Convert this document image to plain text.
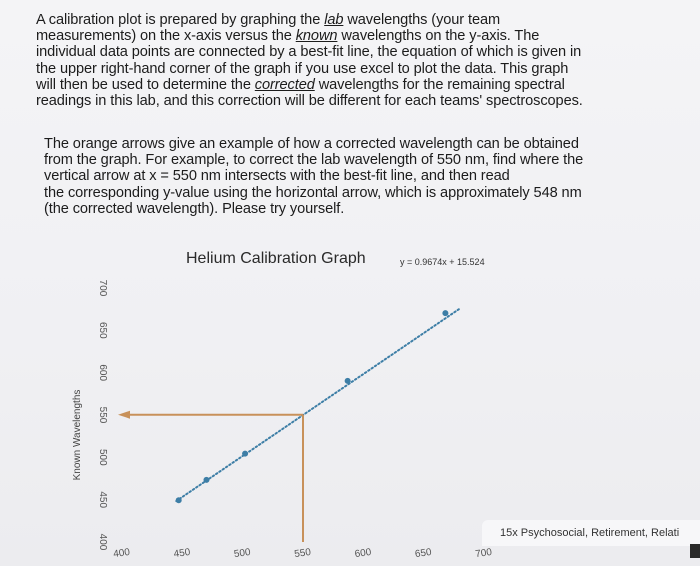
A calibration plot is prepared by graphing the lab wavelengths (your team
measurements) on the x-axis versus the known wavelengths on the y-axis. The
individual data points are connected by a best-fit line, the equation of which is given in
the upper right-hand corner of the graph if you use excel to plot the data. This graph
will then be used to determine the corrected wavelengths for the remaining spectral
readings in this lab, and this correction will be different for each teams' spectroscopes.
The orange arrows give an example of how a corrected wavelength can be obtained
from the graph. For example, to correct the lab wavelength of 550 nm, find where the
vertical arrow at x = 550 nm intersects with the best-fit line, and then read
the corresponding y-value using the horizontal arrow, which is approximately 548 nm
(the corrected wavelength). Please try yourself.
Helium Calibration Graph	y = 0.9674x + 15.524
400
450
500
550
600
650
700
400	450	500	550	600	650	700
Known Wavelengths
15x Psychosocial, Retirement, Relati
